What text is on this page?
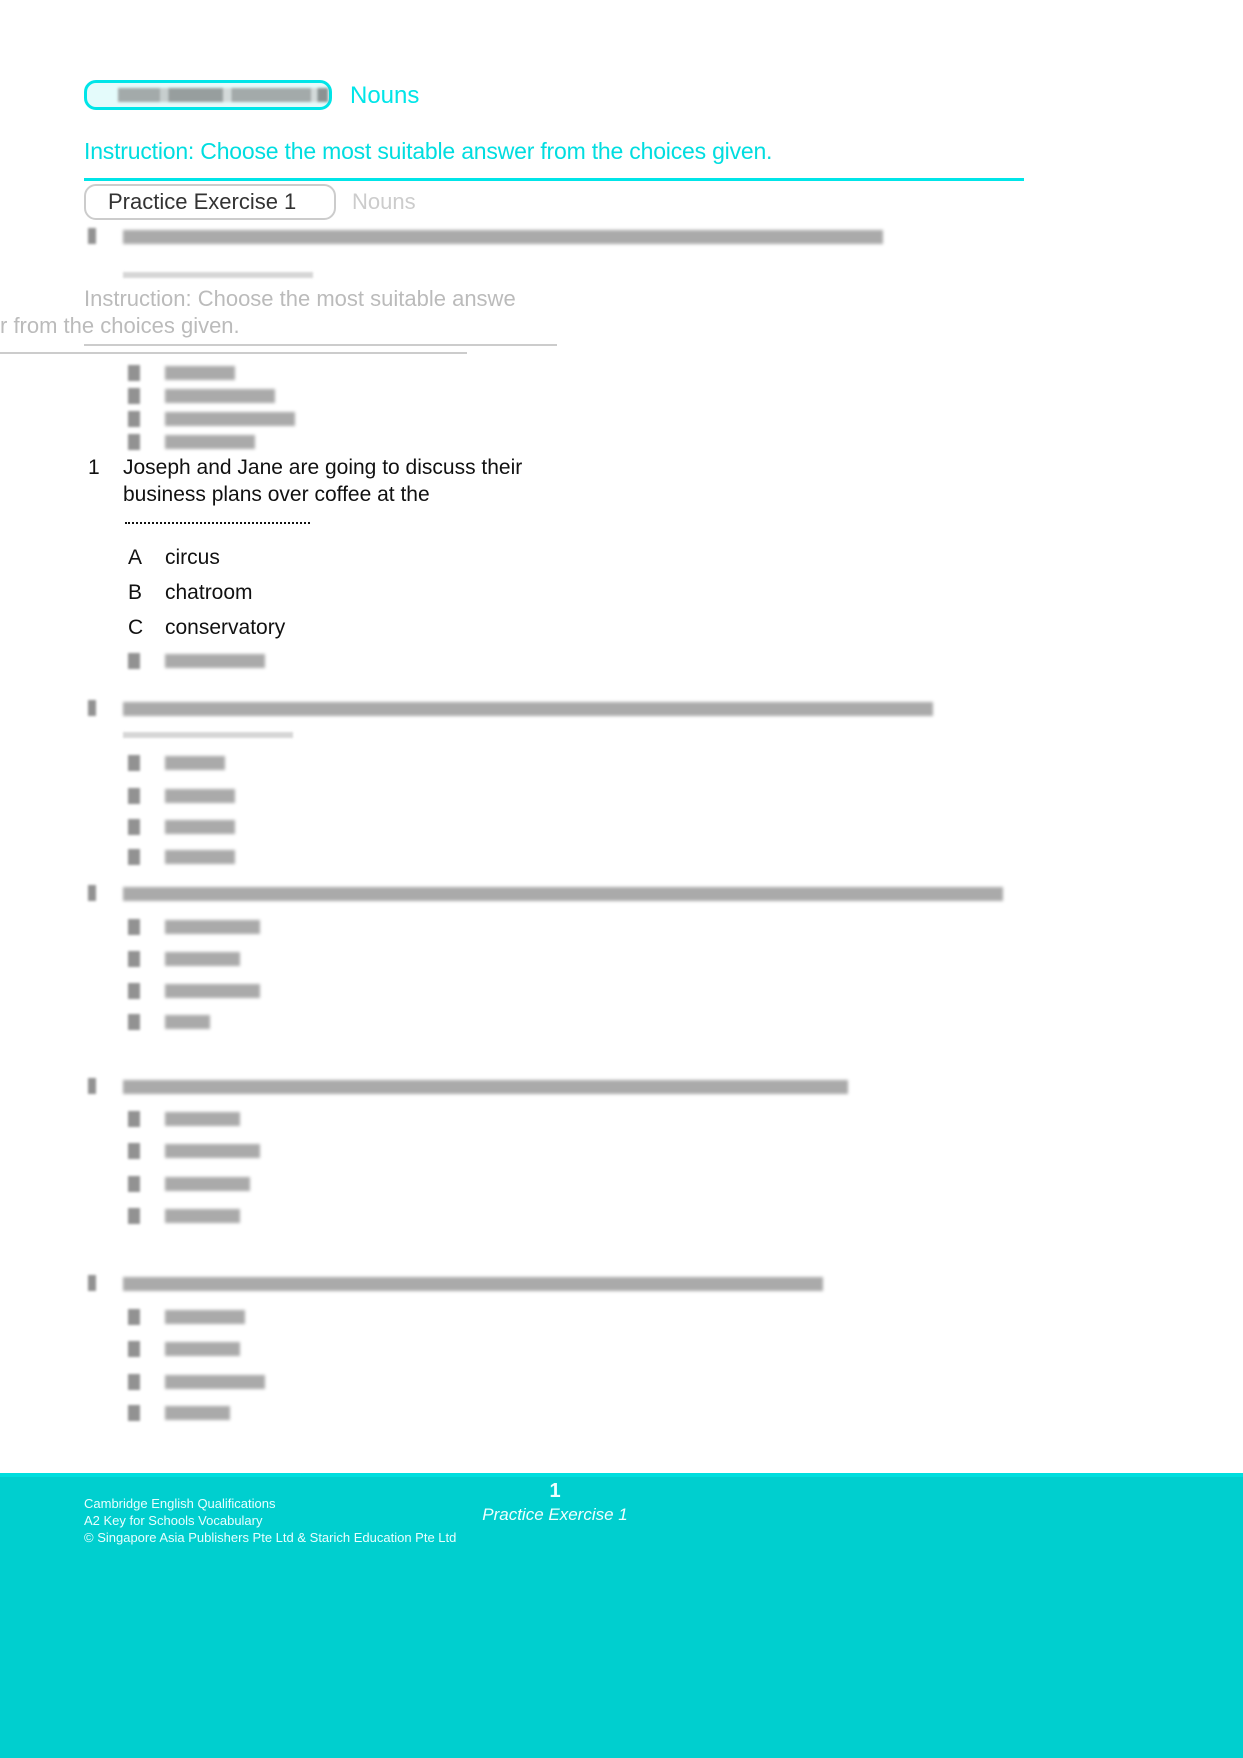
Nouns
Instruction: Choose the most suitable answer from the choices given.
Practice Exercise 1	Nouns
Instruction: Choose the most suitable answe
r from the choices given.
1 Joseph and Jane are going to discuss their
business plans over coffee at the
A circus
B chatroom
C conservatory
Cambridge English Qualifications
A2 Key for Schools Vocabulary
© Singapore Asia Publishers Pte Ltd & Starich Education Pte Ltd
1
Practice Exercise 1
